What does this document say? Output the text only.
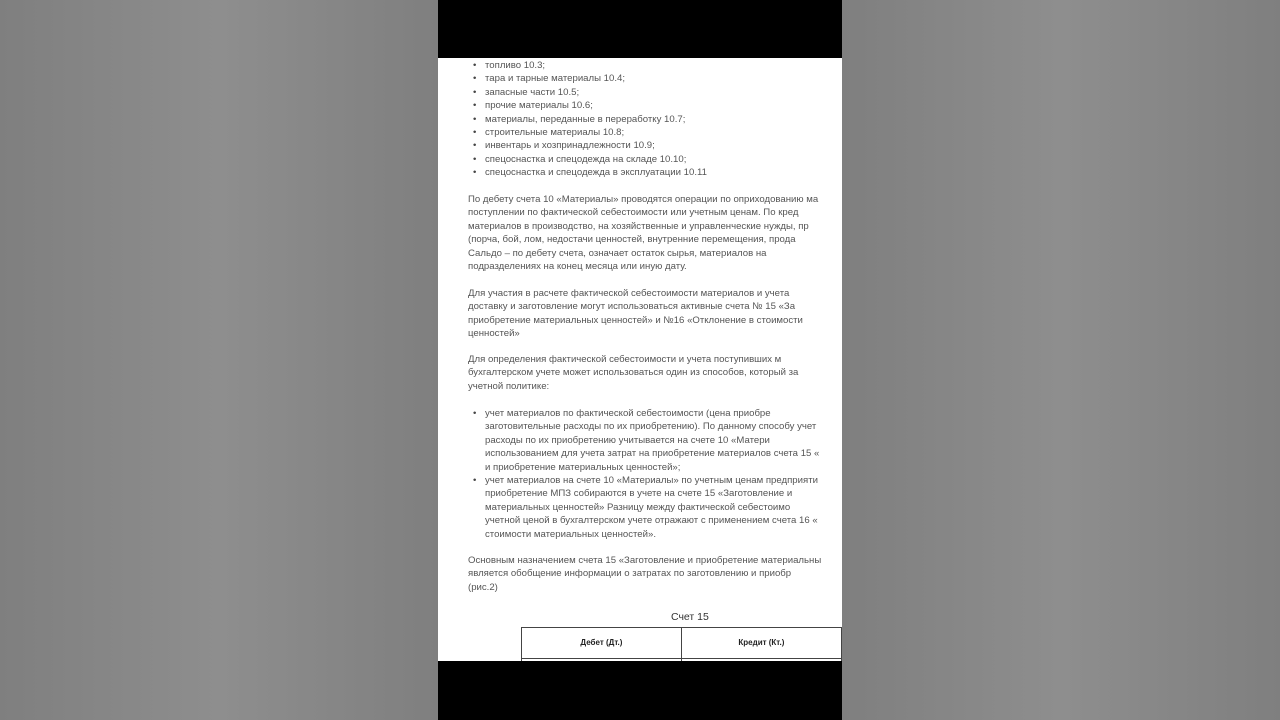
• топливо 10.3;
• тара и тарные материалы 10.4;
• запасные части 10.5;
• прочие материалы 10.6;
• материалы, переданные в переработку 10.7;
• строительные материалы 10.8;
• инвентарь и хозпринадлежности 10.9;
• спецоснастка и спецодежда на складе 10.10;
• спецоснастка и спецодежда в эксплуатации 10.11
По дебету счета 10 «Материалы» проводятся операции по оприходованию ма
поступлении по фактической себестоимости или учетным ценам. По кред
материалов в производство, на хозяйственные и управленческие нужды, пр
(порча, бой, лом, недостачи ценностей, внутренние перемещения, прода
Сальдо – по дебету счета, означает остаток сырья, материалов на
подразделениях на конец месяца или иную дату.
Для участия в расчете фактической себестоимости материалов и учета
доставку и заготовление могут использоваться активные счета № 15 «За
приобретение материальных ценностей» и №16 «Отклонение в стоимости
ценностей»
Для определения фактической себестоимости и учета поступивших м
бухгалтерском учете может использоваться один из способов, который за
учетной политике:
• учет материалов по фактической себестоимости (цена приобре
заготовительные расходы по их приобретению). По данному способу учет
расходы по их приобретению учитывается на счете 10 «Матери
использованием для учета затрат на приобретение материалов счета 15 «
и приобретение материальных ценностей»;
• учет материалов на счете 10 «Материалы» по учетным ценам предприяти
приобретение МПЗ собираются в учете на счете 15 «Заготовление и
материальных ценностей» Разницу между фактической себестоимо
учетной ценой в бухгалтерском учете отражают с применением счета 16 «
стоимости материальных ценностей».
Основным назначением счета 15 «Заготовление и приобретение материальны
является обобщение информации о затратах по заготовлению и приобр
(рис.2)
Счет 15
Дебет (Дт.)	Кредит (Кт.)
